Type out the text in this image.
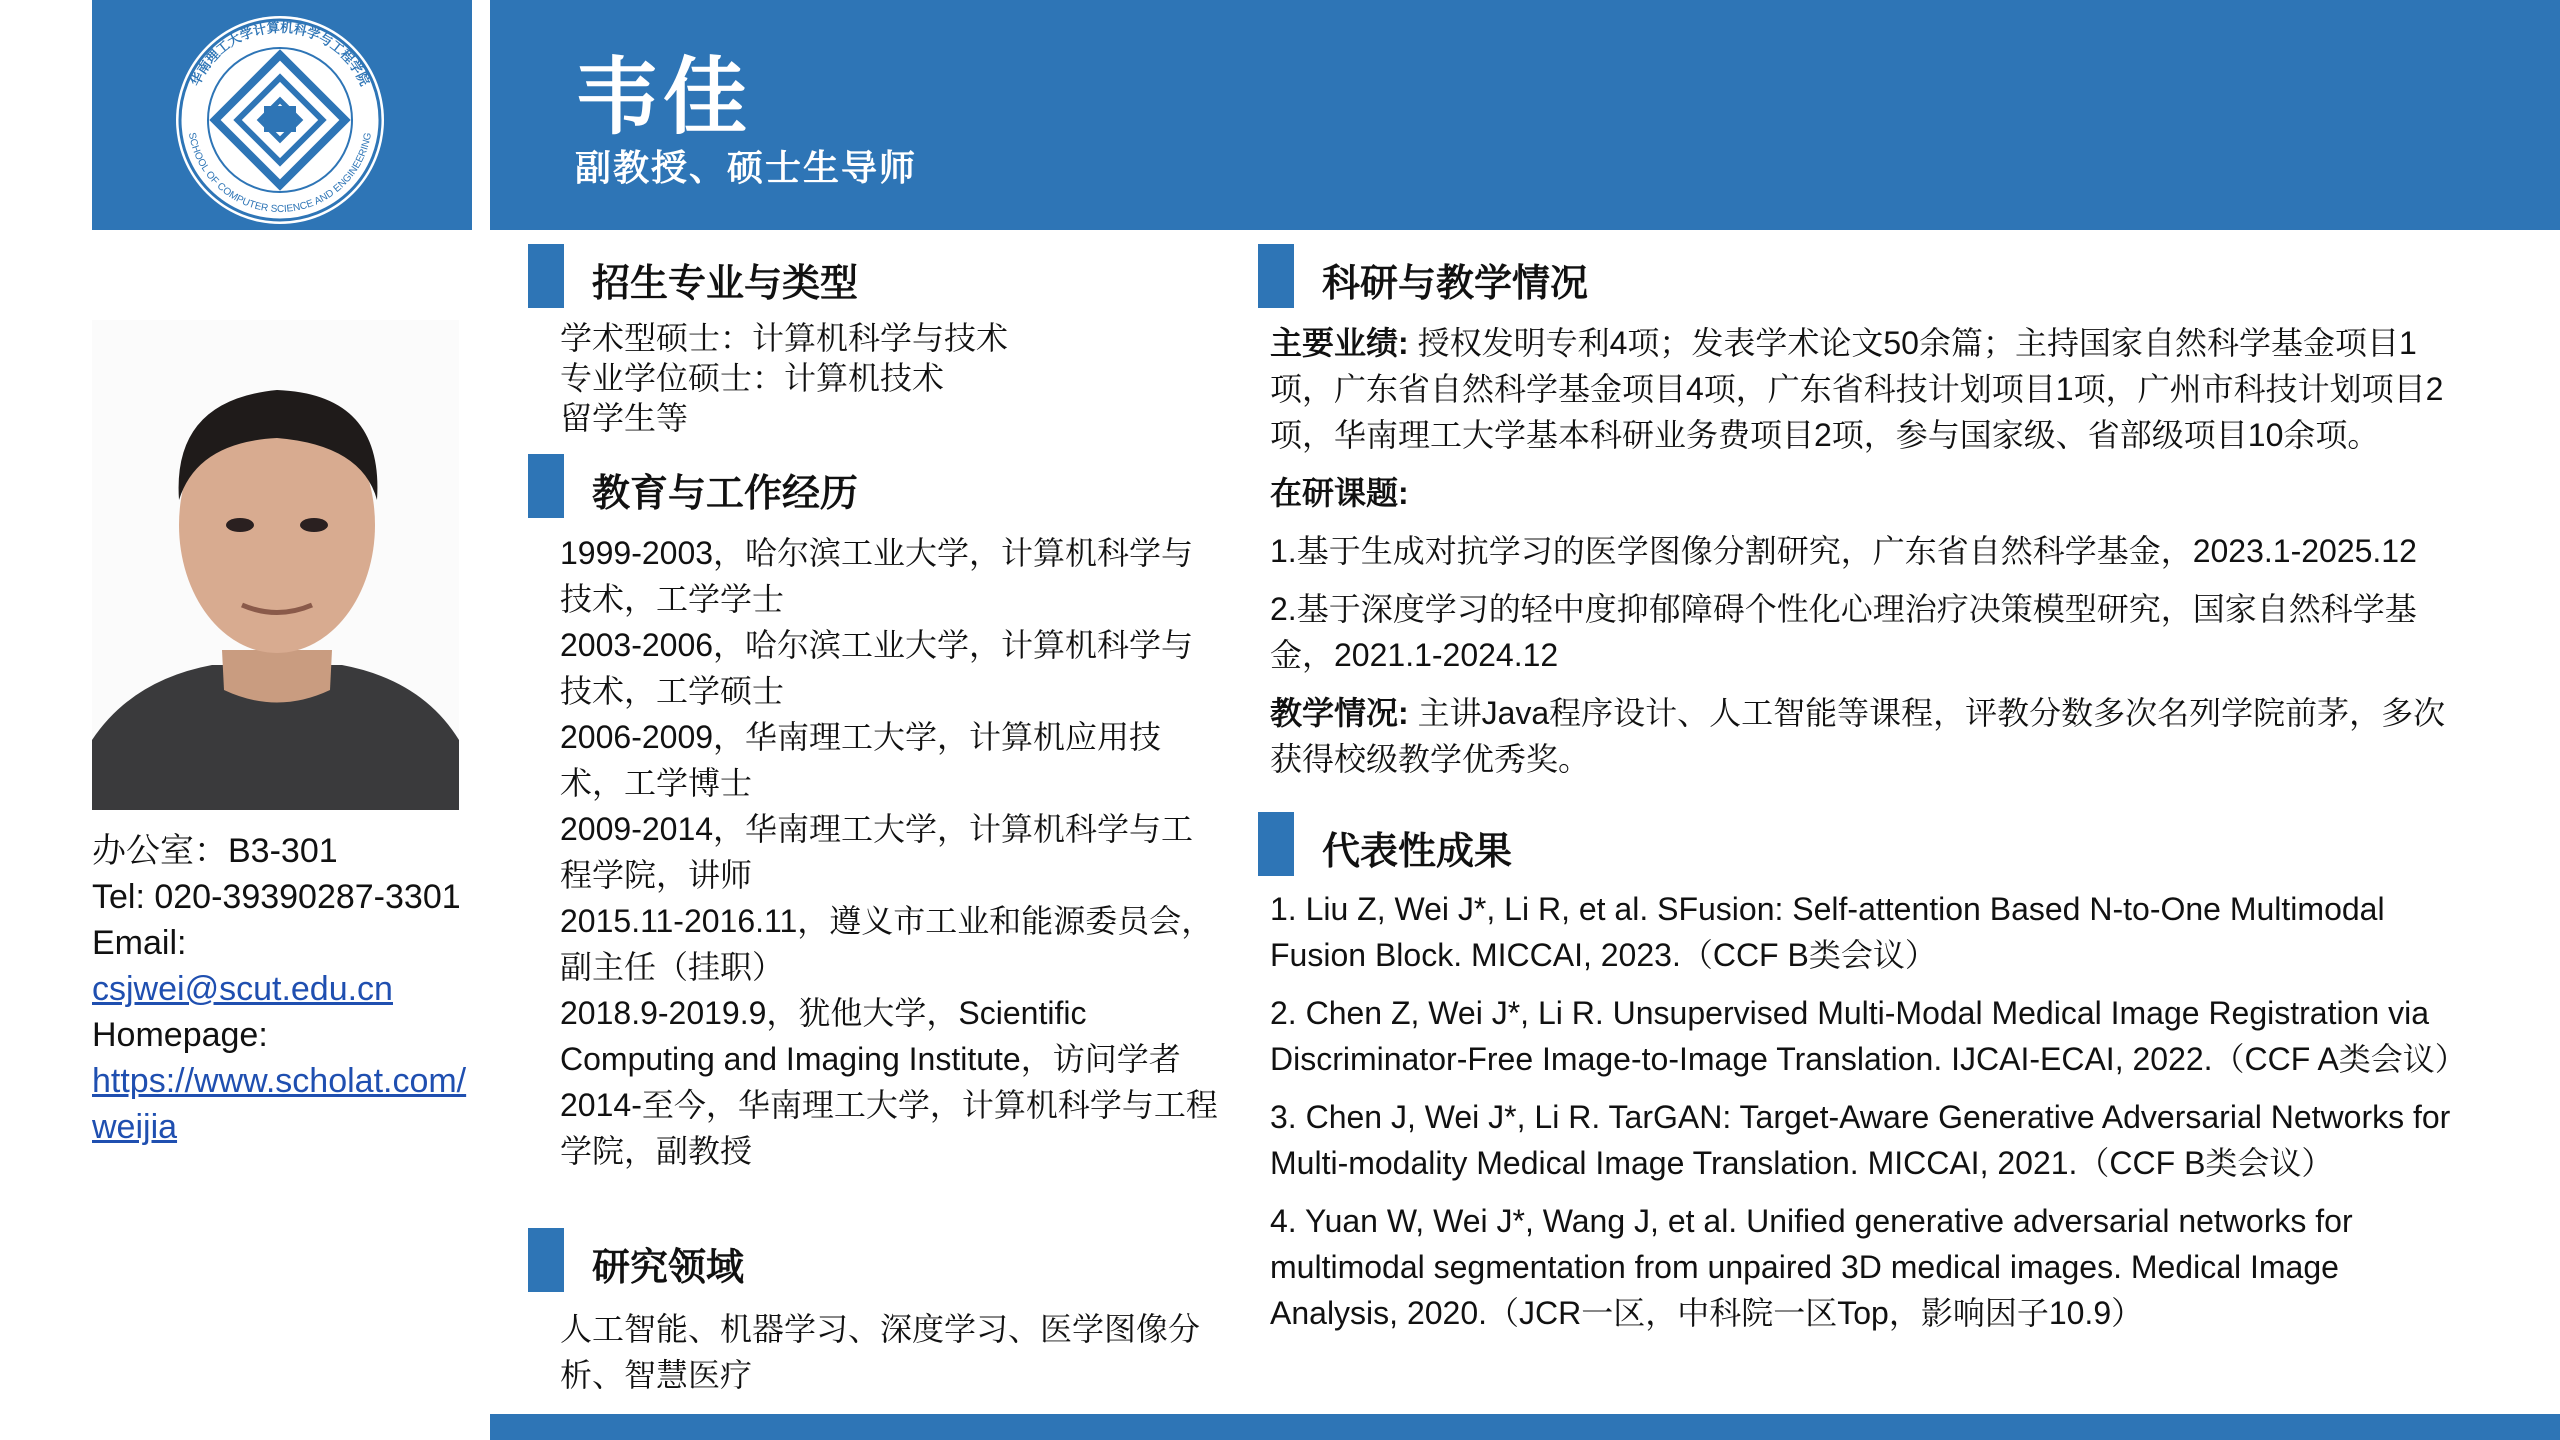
华南理工大学计算机科学与工程学院
SCHOOL OF COMPUTER SCIENCE AND ENGINEERING 韦佳
副教授、硕士生导师
办公室：B3-301
Tel: 020-39390287-3301
Email: csjwei@scut.edu.cn
Homepage:
https://www.scholat.com/
weijia
招生专业与类型
学术型硕士：计算机科学与技术
专业学位硕士：计算机技术
留学生等
教育与工作经历
1999-2003，哈尔滨工业大学，计算机科学与技术，工学学士
2003-2006，哈尔滨工业大学，计算机科学与技术，工学硕士
2006-2009，华南理工大学，计算机应用技术，工学博士
2009-2014，华南理工大学，计算机科学与工程学院，讲师
2015.11-2016.11，遵义市工业和能源委员会，副主任（挂职）
2018.9-2019.9，犹他大学，Scientific Computing and Imaging Institute，访问学者
2014-至今，华南理工大学，计算机科学与工程学院，副教授
研究领域
人工智能、机器学习、深度学习、医学图像分析、智慧医疗
科研与教学情况

主要业绩: 授权发明专利4项；发表学术论文50余篇；主持国家自然科学基金项目1项，广东省自然科学基金项目4项，广东省科技计划项目1项，广州市科技计划项目2项，华南理工大学基本科研业务费项目2项，参与国家级、省部级项目10余项。

在研课题:

1.基于生成对抗学习的医学图像分割研究，广东省自然科学基金，2023.1-2025.12

2.基于深度学习的轻中度抑郁障碍个性化心理治疗决策模型研究，国家自然科学基金，2021.1-2024.12

教学情况: 主讲Java程序设计、人工智能等课程，评教分数多次名列学院前茅，多次获得校级教学优秀奖。

代表性成果

1. Liu Z, Wei J*, Li R, et al. SFusion: Self-attention Based N-to-One Multimodal Fusion Block. MICCAI, 2023.（CCF B类会议）

2. Chen Z, Wei J*, Li R. Unsupervised Multi-Modal Medical Image Registration via Discriminator-Free Image-to-Image Translation. IJCAI-ECAI, 2022.（CCF A类会议）

3. Chen J, Wei J*, Li R. TarGAN: Target-Aware Generative Adversarial Networks for Multi-modality Medical Image Translation. MICCAI, 2021.（CCF B类会议）

4. Yuan W, Wei J*, Wang J, et al. Unified generative adversarial networks for multimodal segmentation from unpaired 3D medical images. Medical Image Analysis, 2020.（JCR一区，中科院一区Top，影响因子10.9）
